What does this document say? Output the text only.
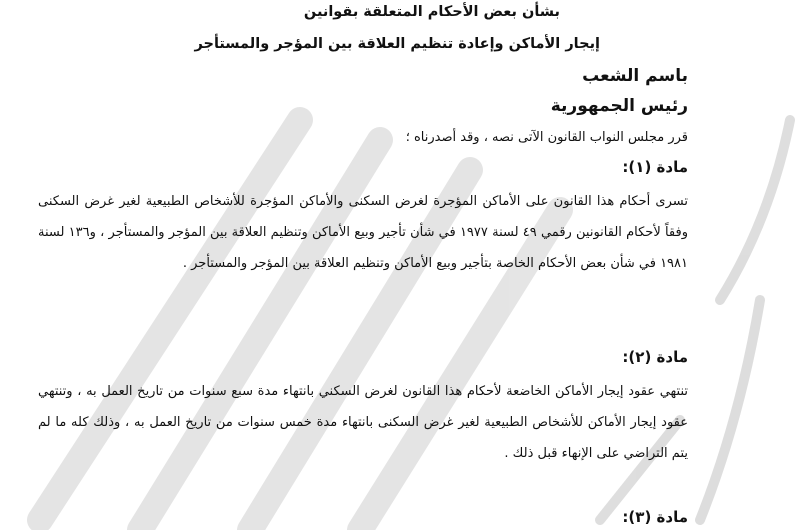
بشأن بعض الأحكام المتعلقة بقوانين

إيجار الأماكن وإعادة تنظيم العلاقة بين المؤجر والمستأجر

باسم الشعب

رئيس الجمهورية

قرر مجلس النواب القانون الآتى نصه ، وقد أصدرناه ؛

مادة (١):

تسرى أحكام هذا القانون على الأماكن المؤجرة لغرض السكنى والأماكن المؤجرة للأشخاص الطبيعية لغير غرض السكنى وفقاً لأحكام القانونين رقمي ٤٩ لسنة ١٩٧٧ في شأن تأجير وبيع الأماكن وتنظيم العلاقة بين المؤجر والمستأجر ، و١٣٦ لسنة ١٩٨١ في شأن بعض الأحكام الخاصة بتأجير وبيع الأماكن وتنظيم العلاقة بين المؤجر والمستأجر .

مادة (٢):

تنتهي عقود إيجار الأماكن الخاضعة لأحكام هذا القانون لغرض السكني بانتهاء مدة سبع سنوات من تاريخ العمل به ، وتنتهي عقود إيجار الأماكن للأشخاص الطبيعية لغير غرض السكنى بانتهاء مدة خمس سنوات من تاريخ العمل به ، وذلك كله ما لم يتم التراضي على الإنهاء قبل ذلك .

مادة (٣):
